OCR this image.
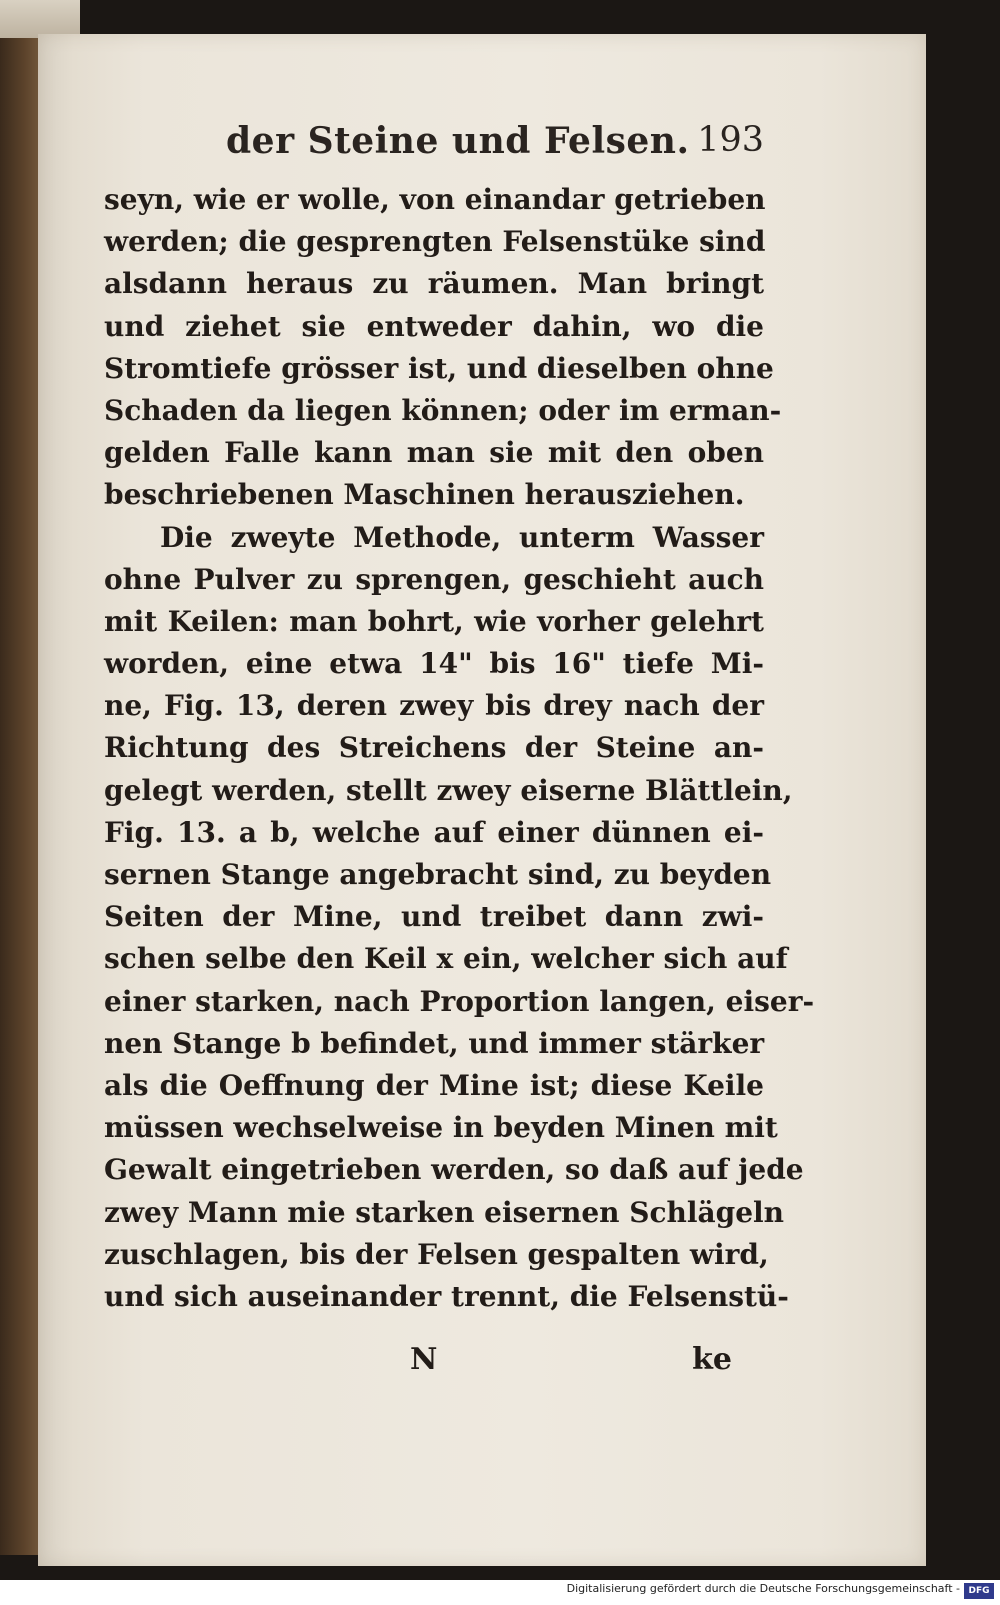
der Steine und Felsen. 193
seyn, wie er wolle, von einandar getrieben
werden; die gesprengten Felsenstüke sind
alsdann heraus zu räumen. Man bringt
und ziehet sie entweder dahin, wo die
Stromtiefe grösser ist, und dieselben ohne
Schaden da liegen können; oder im erman-
gelden Falle kann man sie mit den oben
beschriebenen Maschinen herausziehen.
Die zweyte Methode, unterm Wasser
ohne Pulver zu sprengen, geschieht auch
mit Keilen: man bohrt, wie vorher gelehrt
worden, eine etwa 14" bis 16" tiefe Mi-
ne, Fig. 13, deren zwey bis drey nach der
Richtung des Streichens der Steine an-
gelegt werden, stellt zwey eiserne Blättlein,
Fig. 13. a b, welche auf einer dünnen ei-
sernen Stange angebracht sind, zu beyden
Seiten der Mine, und treibet dann zwi-
schen selbe den Keil x ein, welcher sich auf
einer starken, nach Proportion langen, eiser-
nen Stange b befindet, und immer stärker
als die Oeffnung der Mine ist; diese Keile
müssen wechselweise in beyden Minen mit
Gewalt eingetrieben werden, so daß auf jede
zwey Mann mie starken eisernen Schlägeln
zuschlagen, bis der Felsen gespalten wird,
und sich auseinander trennt, die Felsenstü-
N	ke
Digitalisierung gefördert durch die Deutsche Forschungsgemeinschaft - DFG
